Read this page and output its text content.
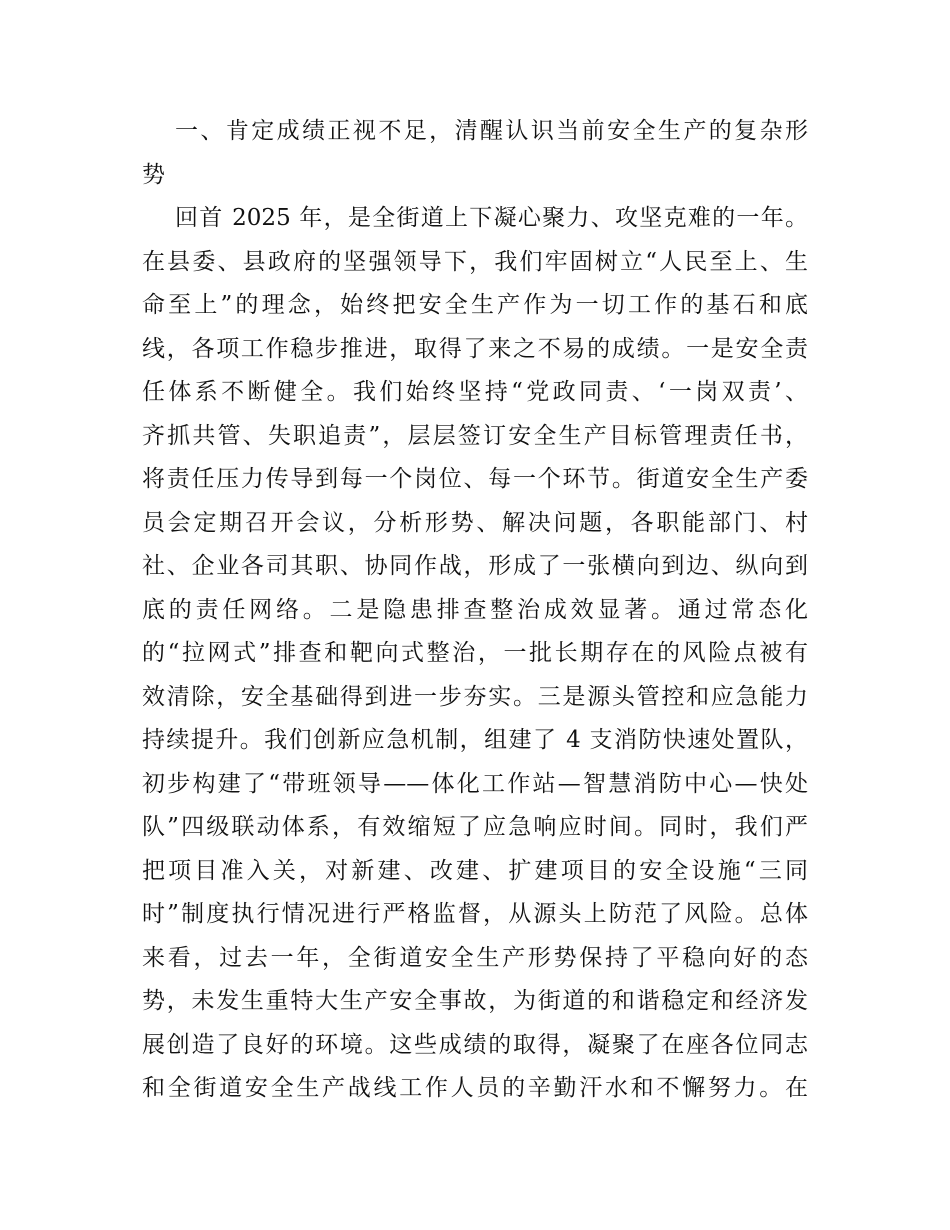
一、肯定成绩正视不足，清醒认识当前安全生产的复杂形
势
回首 2025 年，是全街道上下凝心聚力、攻坚克难的一年。
在县委、县政府的坚强领导下，我们牢固树立“人民至上、生
命至上”的理念，始终把安全生产作为一切工作的基石和底
线，各项工作稳步推进，取得了来之不易的成绩。一是安全责
任体系不断健全。我们始终坚持“党政同责、‘一岗双责’、
齐抓共管、失职追责”，层层签订安全生产目标管理责任书，
将责任压力传导到每一个岗位、每一个环节。街道安全生产委
员会定期召开会议，分析形势、解决问题，各职能部门、村
社、企业各司其职、协同作战，形成了一张横向到边、纵向到
底的责任网络。二是隐患排查整治成效显著。通过常态化
的“拉网式”排查和靶向式整治，一批长期存在的风险点被有
效清除，安全基础得到进一步夯实。三是源头管控和应急能力
持续提升。我们创新应急机制，组建了 4 支消防快速处置队，
初步构建了“带班领导——体化工作站—智慧消防中心—快处
队”四级联动体系，有效缩短了应急响应时间。同时，我们严
把项目准入关，对新建、改建、扩建项目的安全设施“三同
时”制度执行情况进行严格监督，从源头上防范了风险。总体
来看，过去一年，全街道安全生产形势保持了平稳向好的态
势，未发生重特大生产安全事故，为街道的和谐稳定和经济发
展创造了良好的环境。这些成绩的取得，凝聚了在座各位同志
和全街道安全生产战线工作人员的辛勤汗水和不懈努力。在
